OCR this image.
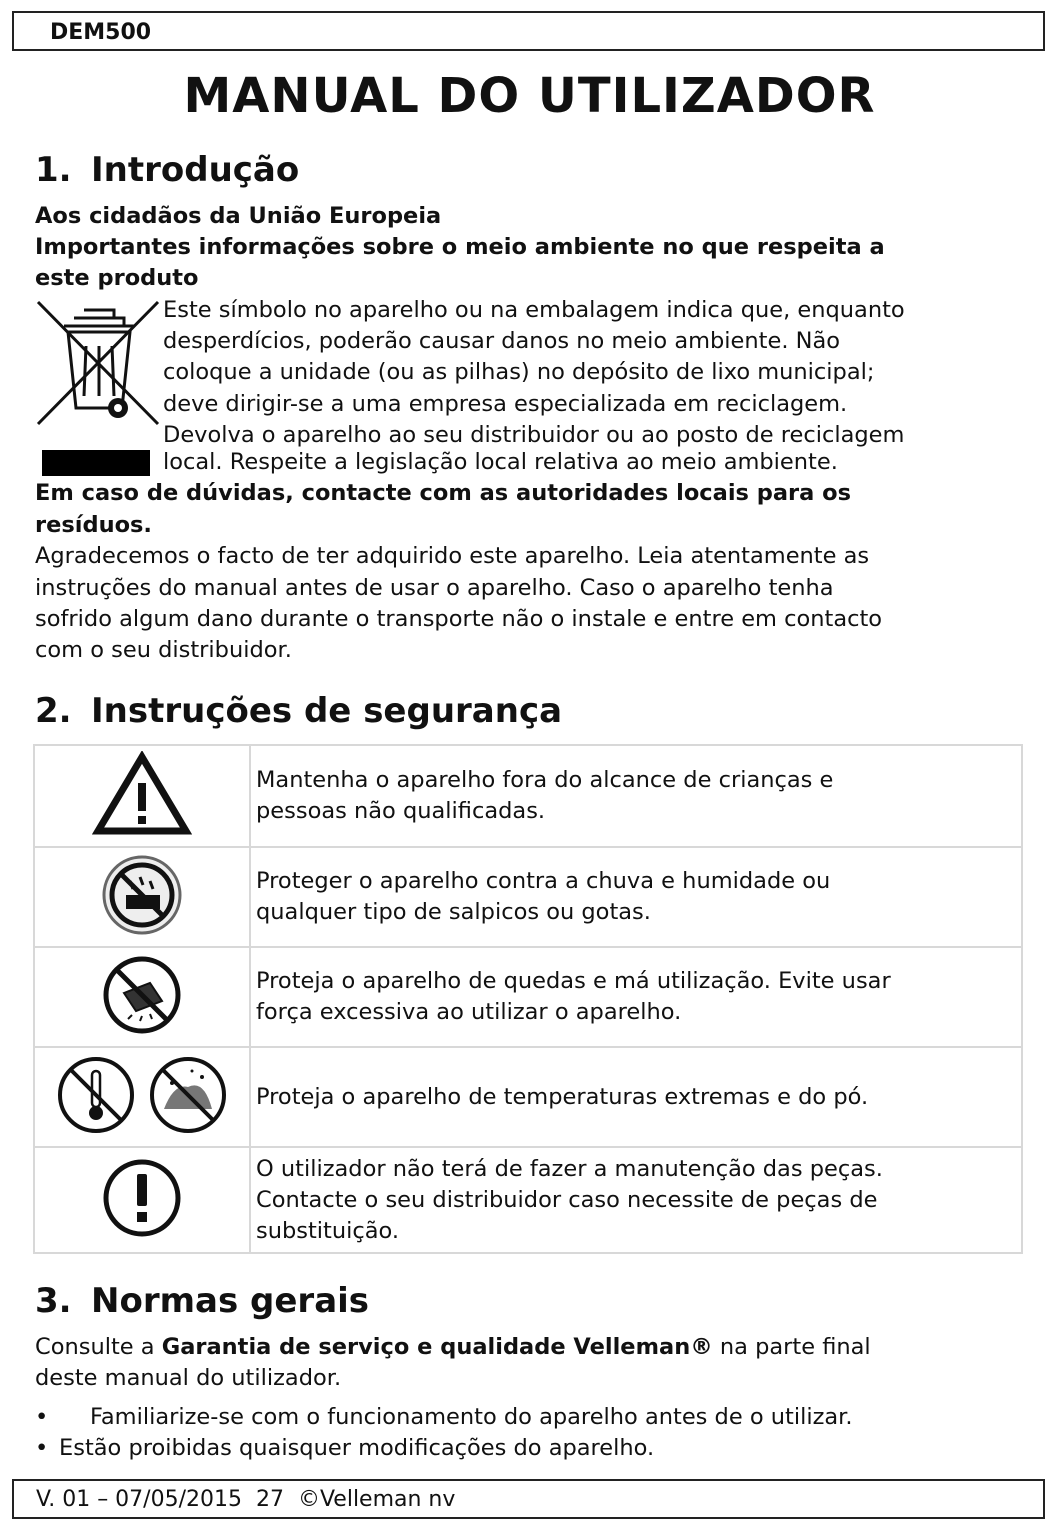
DEM500
MANUAL DO UTILIZADOR
1. Introdução

Aos cidadãos da União Europeia

Importantes informações sobre o meio ambiente no que respeita a

este produto

Este símbolo no aparelho ou na embalagem indica que, enquanto

desperdícios, poderão causar danos no meio ambiente. Não

coloque a unidade (ou as pilhas) no depósito de lixo municipal;

deve dirigir-se a uma empresa especializada em reciclagem.

Devolva o aparelho ao seu distribuidor ou ao posto de reciclagem

local. Respeite a legislação local relativa ao meio ambiente.

Em caso de dúvidas, contacte com as autoridades locais para os

resíduos.

Agradecemos o facto de ter adquirido este aparelho. Leia atentamente as

instruções do manual antes de usar o aparelho. Caso o aparelho tenha

sofrido algum dano durante o transporte não o instale e entre em contacto

com o seu distribuidor.

2. Instruções de segurança

Mantenha o aparelho fora do alcance de crianças e
pessoas não qualificadas.

Proteger o aparelho contra a chuva e humidade ou
qualquer tipo de salpicos ou gotas.

Proteja o aparelho de quedas e má utilização. Evite usar
força excessiva ao utilizar o aparelho.

Proteja o aparelho de temperaturas extremas e do pó.

O utilizador não terá de fazer a manutenção das peças.
Contacte o seu distribuidor caso necessite de peças de
substituição.
3. Normas gerais

Consulte a Garantia de serviço e qualidade Velleman® na parte final

deste manual do utilizador.

• Familiarize-se com o funcionamento do aparelho antes de o utilizar.
• Estão proibidas quaisquer modificações do aparelho.
V. 01 – 07/05/2015  27  ©Velleman nv
